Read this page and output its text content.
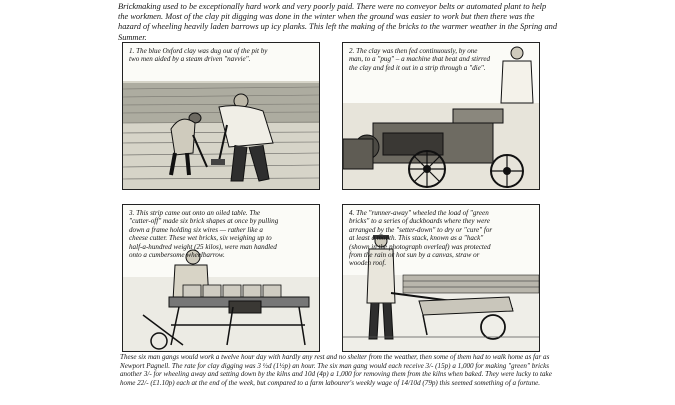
Brickmaking used to be exceptionally hard work and very poorly paid. There were no conveyor belts or automated plant to help the workmen. Most of the clay pit digging was done in the winter when the ground was easier to work but then there was the hazard of wheeling heavily laden barrows up icy planks. This left the making of the bricks to the warmer weather in the Spring and Summer.

1. The blue Oxford clay was dug out of the pit by two men aided by a steam driven "navvie".

2. The clay was then fed continuously, by one man, to a "pug" – a machine that beat and stirred the clay and fed it out in a strip through a "die".

3. This strip came out onto an oiled table. The "cutter-off" made six brick shapes at once by pulling down a frame holding six wires — rather like a cheese cutter. These wet bricks, six weighing up to half-a-hundred weight (25 kilos), were man handled onto a cumbersome wheelbarrow.

4. The "runner-away" wheeled the load of "green bricks" to a series of duckboards where they were arranged by the "setter-down" to dry or "cure" for at least a month. This stack, known as a "hack" (shown in the photograph overleaf) was protected from the rain or hot sun by a canvas, straw or wooden roof.

These six man gangs would work a twelve hour day with hardly any rest and no shelter from the weather, then some of them had to walk home as far as Newport Pagnell. The rate for clay digging was 3 ½d (1½p) an hour. The six man gang would each receive 3/- (15p) a 1,000 for making "green" bricks another 3/- for wheeling away and setting down by the kilns and 10d (4p) a 1,000 for removing them from the kilns when baked. They were lucky to take home 22/- (£1.10p) each at the end of the week, but compared to a farm labourer's weekly wage of 14/10d (79p) this seemed something of a fortune.
